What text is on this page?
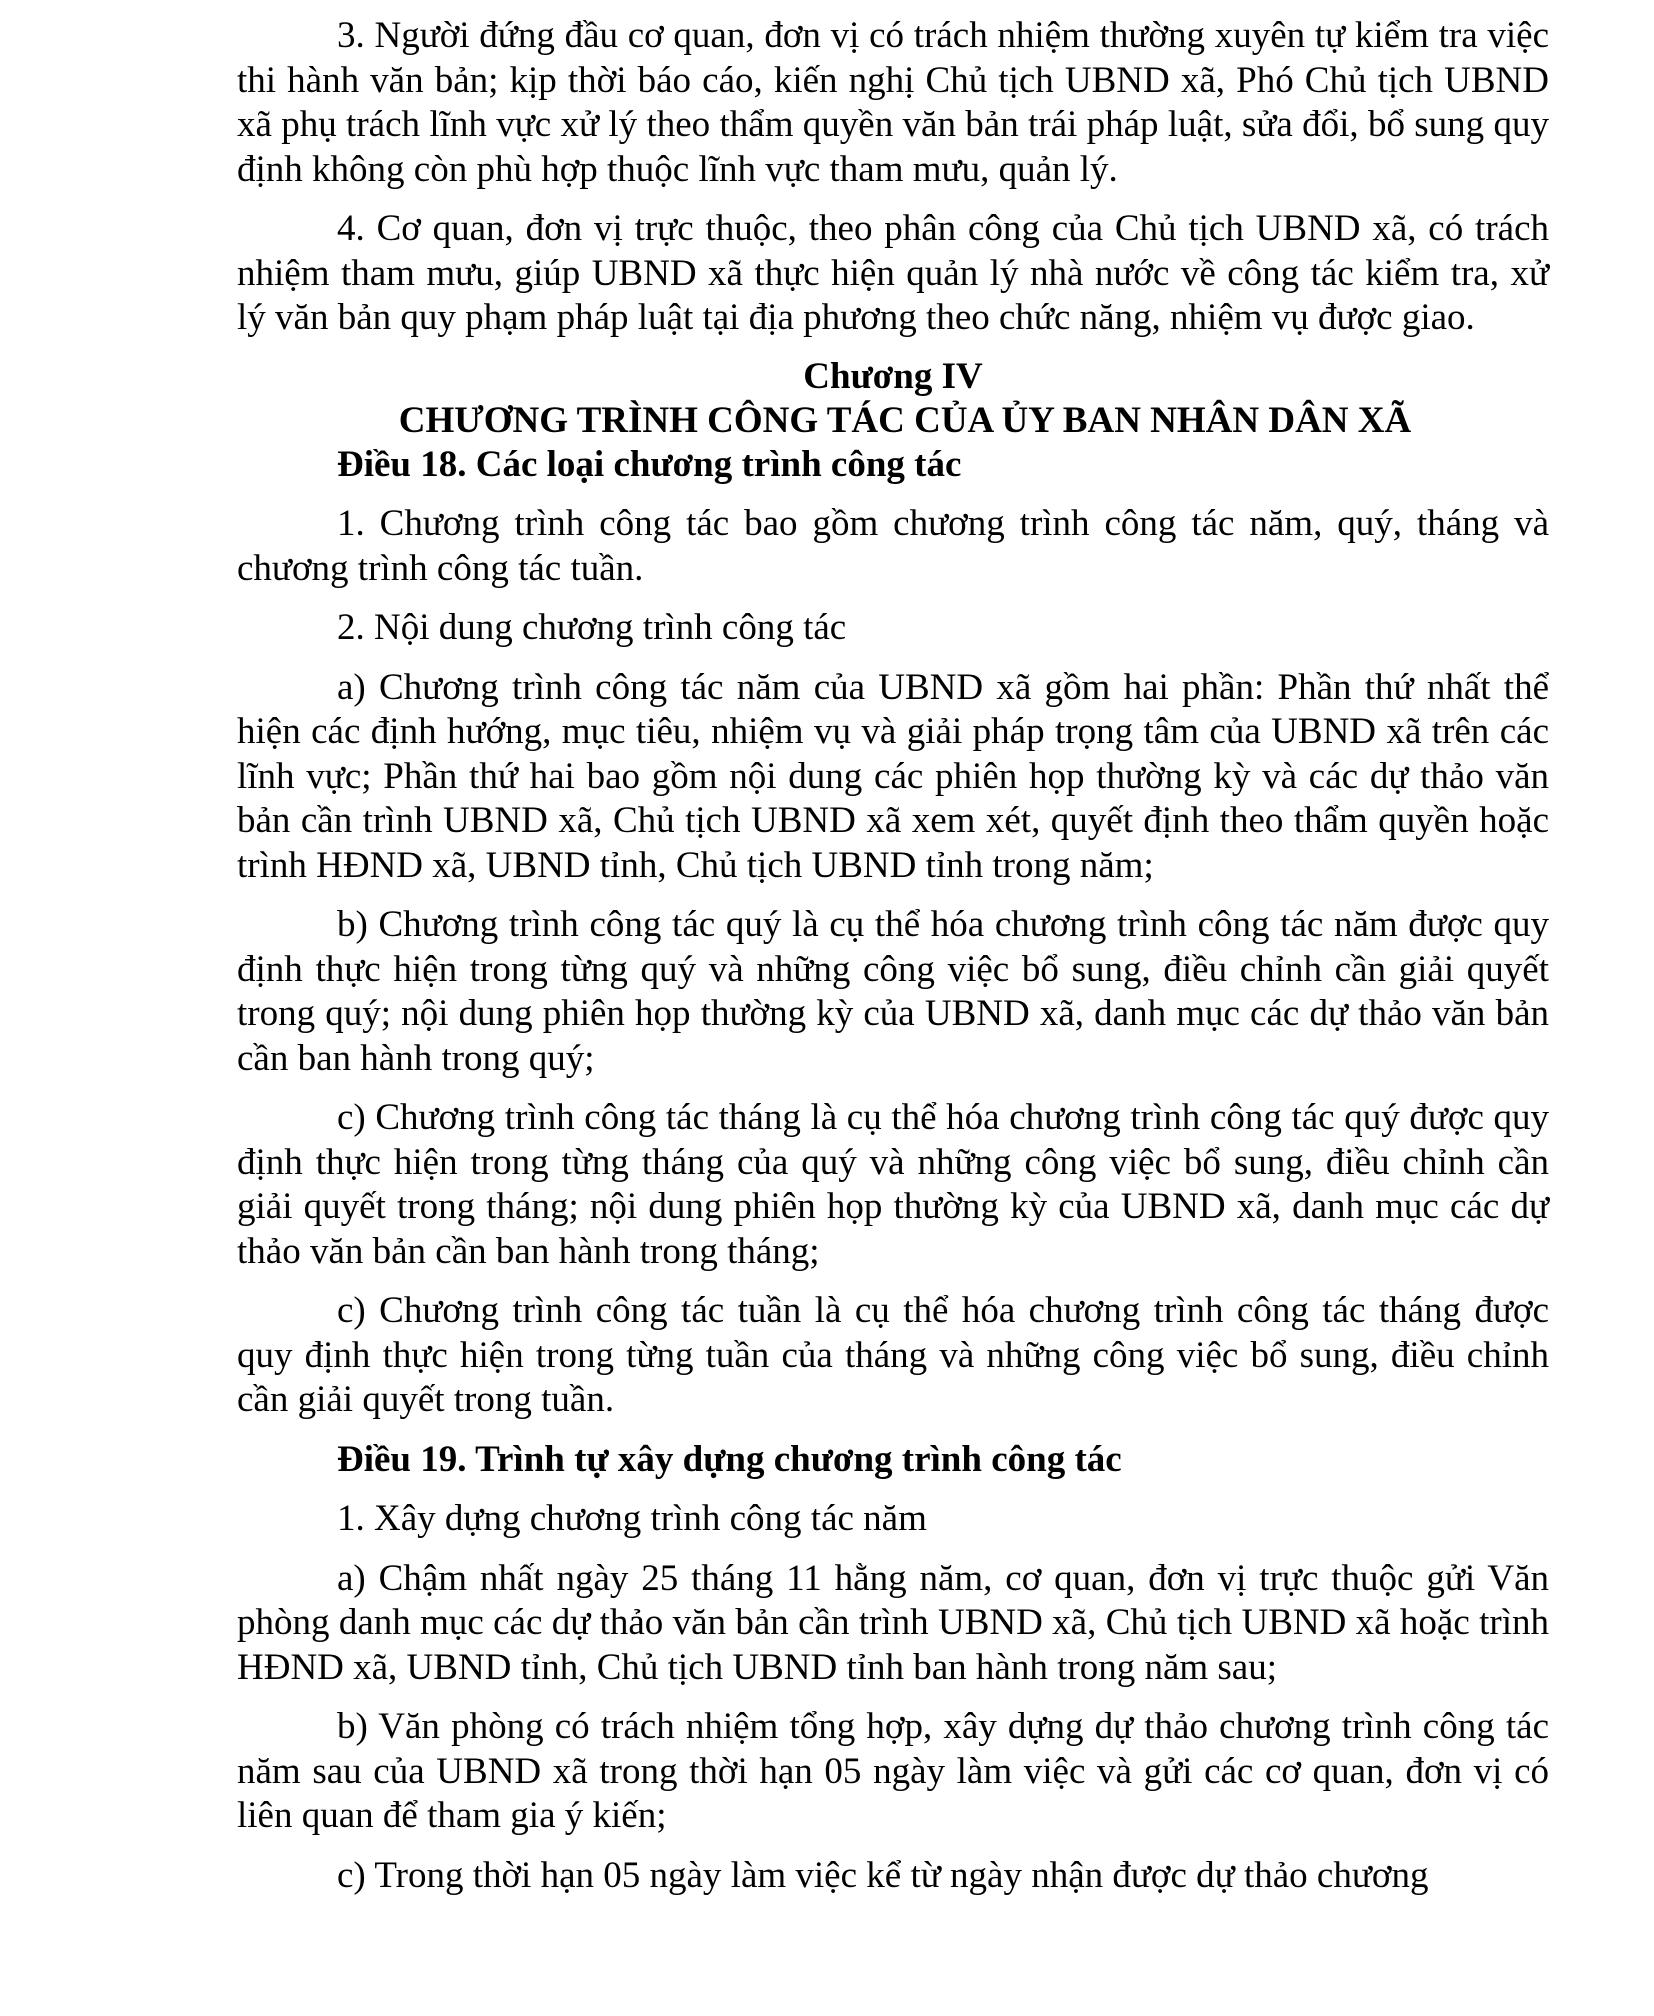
3. Người đứng đầu cơ quan, đơn vị có trách nhiệm thường xuyên tự kiểm tra việc thi hành văn bản; kịp thời báo cáo, kiến nghị Chủ tịch UBND xã, Phó Chủ tịch UBND xã phụ trách lĩnh vực xử lý theo thẩm quyền văn bản trái pháp luật, sửa đổi, bổ sung quy định không còn phù hợp thuộc lĩnh vực tham mưu, quản lý.

4. Cơ quan, đơn vị trực thuộc, theo phân công của Chủ tịch UBND xã, có trách nhiệm tham mưu, giúp UBND xã thực hiện quản lý nhà nước về công tác kiểm tra, xử lý văn bản quy phạm pháp luật tại địa phương theo chức năng, nhiệm vụ được giao.

Chương IV

CHƯƠNG TRÌNH CÔNG TÁC CỦA ỦY BAN NHÂN DÂN XÃ

Điều 18. Các loại chương trình công tác

1. Chương trình công tác bao gồm chương trình công tác năm, quý, tháng và chương trình công tác tuần.

2. Nội dung chương trình công tác

a) Chương trình công tác năm của UBND xã gồm hai phần: Phần thứ nhất thể hiện các định hướng, mục tiêu, nhiệm vụ và giải pháp trọng tâm của UBND xã trên các lĩnh vực; Phần thứ hai bao gồm nội dung các phiên họp thường kỳ và các dự thảo văn bản cần trình UBND xã, Chủ tịch UBND xã xem xét, quyết định theo thẩm quyền hoặc trình HĐND xã, UBND tỉnh, Chủ tịch UBND tỉnh trong năm;

b) Chương trình công tác quý là cụ thể hóa chương trình công tác năm được quy định thực hiện trong từng quý và những công việc bổ sung, điều chỉnh cần giải quyết trong quý; nội dung phiên họp thường kỳ của UBND xã, danh mục các dự thảo văn bản cần ban hành trong quý;

c) Chương trình công tác tháng là cụ thể hóa chương trình công tác quý được quy định thực hiện trong từng tháng của quý và những công việc bổ sung, điều chỉnh cần giải quyết trong tháng; nội dung phiên họp thường kỳ của UBND xã, danh mục các dự thảo văn bản cần ban hành trong tháng;

c) Chương trình công tác tuần là cụ thể hóa chương trình công tác tháng được quy định thực hiện trong từng tuần của tháng và những công việc bổ sung, điều chỉnh cần giải quyết trong tuần.

Điều 19. Trình tự xây dựng chương trình công tác

1. Xây dựng chương trình công tác năm

a) Chậm nhất ngày 25 tháng 11 hằng năm, cơ quan, đơn vị trực thuộc gửi Văn phòng danh mục các dự thảo văn bản cần trình UBND xã, Chủ tịch UBND xã hoặc trình HĐND xã, UBND tỉnh, Chủ tịch UBND tỉnh ban hành trong năm sau;

b) Văn phòng có trách nhiệm tổng hợp, xây dựng dự thảo chương trình công tác năm sau của UBND xã trong thời hạn 05 ngày làm việc và gửi các cơ quan, đơn vị có liên quan để tham gia ý kiến;

c) Trong thời hạn 05 ngày làm việc kể từ ngày nhận được dự thảo chương
